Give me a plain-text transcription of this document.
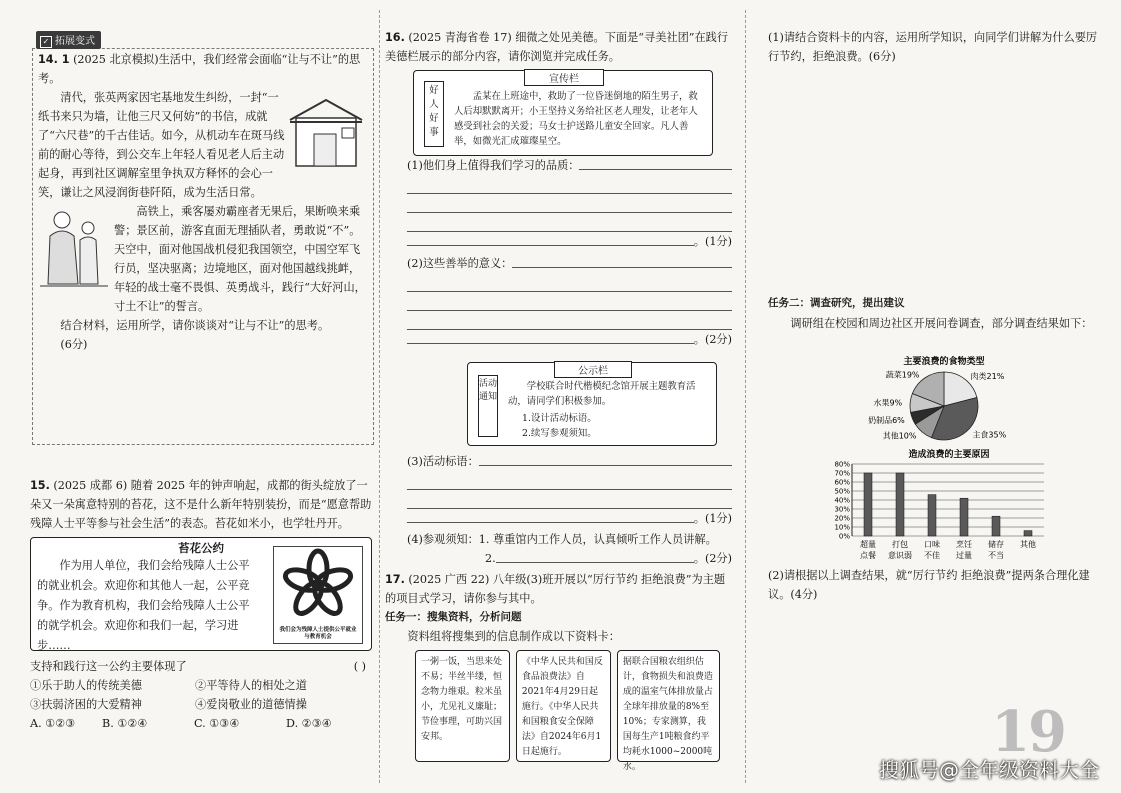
✓ 拓展变式

14. 1 (2025 北京模拟)生活中，我们经常会面临“让与不让”的思考。

清代，张英两家因宅基地发生纠纷，一封“一纸书来只为墙，让他三尺又何妨”的书信，成就了“六尺巷”的千古佳话。如今，从机动车在斑马线前的耐心等待，到公交车上年轻人看见老人后主动起身，再到社区调解室里争执双方释怀的会心一笑，谦让之风浸润街巷阡陌，成为生活日常。

高铁上，乘客屡劝霸座者无果后，果断唤来乘警；景区前，游客直面无理插队者，勇敢说“不”。天空中，面对他国战机侵犯我国领空，中国空军飞行员，坚决驱离；边境地区，面对他国越线挑衅，年轻的战士毫不畏惧、英勇战斗，践行“大好河山，寸土不让”的誓言。

结合材料，运用所学，请你谈谈对“让与不让”的思考。

(6分)

15. (2025 成都 6) 随着 2025 年的钟声响起，成都的街头绽放了一朵又一朵寓意特别的苔花，这不是什么新年特别装扮，而是“愿意帮助残障人士平等参与社会生活”的表态。苔花如米小，也学牡丹开。

苔花公约

作为用人单位，我们会给残障人士公平的就业机会。欢迎你和其他人一起，公平竞争。作为教育机构，我们会给残障人士公平的就学机会。欢迎你和我们一起，学习进步……

我们会为残障人士提供公平就业与教育机会

支持和践行这一公约主要体现了	( )

①乐于助人的传统美德	②平等待人的相处之道
③扶弱济困的大爱精神	④爱岗敬业的道德情操
A. ①②③	B. ①②④	C. ①③④	D. ②③④

16. (2025 青海省卷 17) 细微之处见美德。下面是“寻美社团”在践行美德栏展示的部分内容，请你浏览并完成任务。

宣传栏
好人好事

孟某在上班途中，救助了一位昏迷倒地的陌生男子，救人后却默默离开；小王坚持义务给社区老人理发，让老年人感受到社会的关爱；马女士护送路儿童安全回家。凡人善举，如微光汇成璀璨星空。

(1)他们身上值得我们学习的品质：
。(1分)
(2)这些善举的意义：
。(2分)
公示栏
活动通知

学校联合时代楷模纪念馆开展主题教育活动，请同学们积极参加。

1.设计活动标语。

2.续写参观须知。

(3)活动标语：
。(1分)

(4)参观须知：1. 尊重馆内工作人员，认真倾听工作人员讲解。

2.	。(2分)

17. (2025 广西 22) 八年级(3)班开展以“厉行节约 拒绝浪费”为主题的项目式学习，请你参与其中。

任务一：搜集资料，分析问题

资料组将搜集到的信息制作成以下资料卡：

一粥一饭，当思来处不易；半丝半缕，恒念物力维艰。粒米虽小，尤见礼义廉耻；节俭事理，可助兴国安邦。

《中华人民共和国反食品浪费法》自2021年4月29日起施行。《中华人民共和国粮食安全保障法》自2024年6月1日起施行。

据联合国粮农组织估计，食物损失和浪费造成的温室气体排放量占全球年排放量的8%至10%；专家测算，我国每生产1吨粮食约平均耗水1000~2000吨水。

(1)请结合资料卡的内容，运用所学知识，向同学们讲解为什么要厉行节约，拒绝浪费。(6分)

任务二：调查研究，提出建议

调研组在校园和周边社区开展问卷调查，部分调查结果如下：

主要浪费的食物类型
肉类21%
主食35%
其他10%
奶制品6%
水果9%
蔬菜19%
造成浪费的主要原因
0%
10%
20%
30%
40%
50%
60%
70%
80%
超量
点餐
打包
意识弱
口味
不佳
烹饪
过量
储存
不当
其他

(2)请根据以上调查结果，就“厉行节约 拒绝浪费”提两条合理化建议。(4分)

19
搜狐号@全年级资料大全
